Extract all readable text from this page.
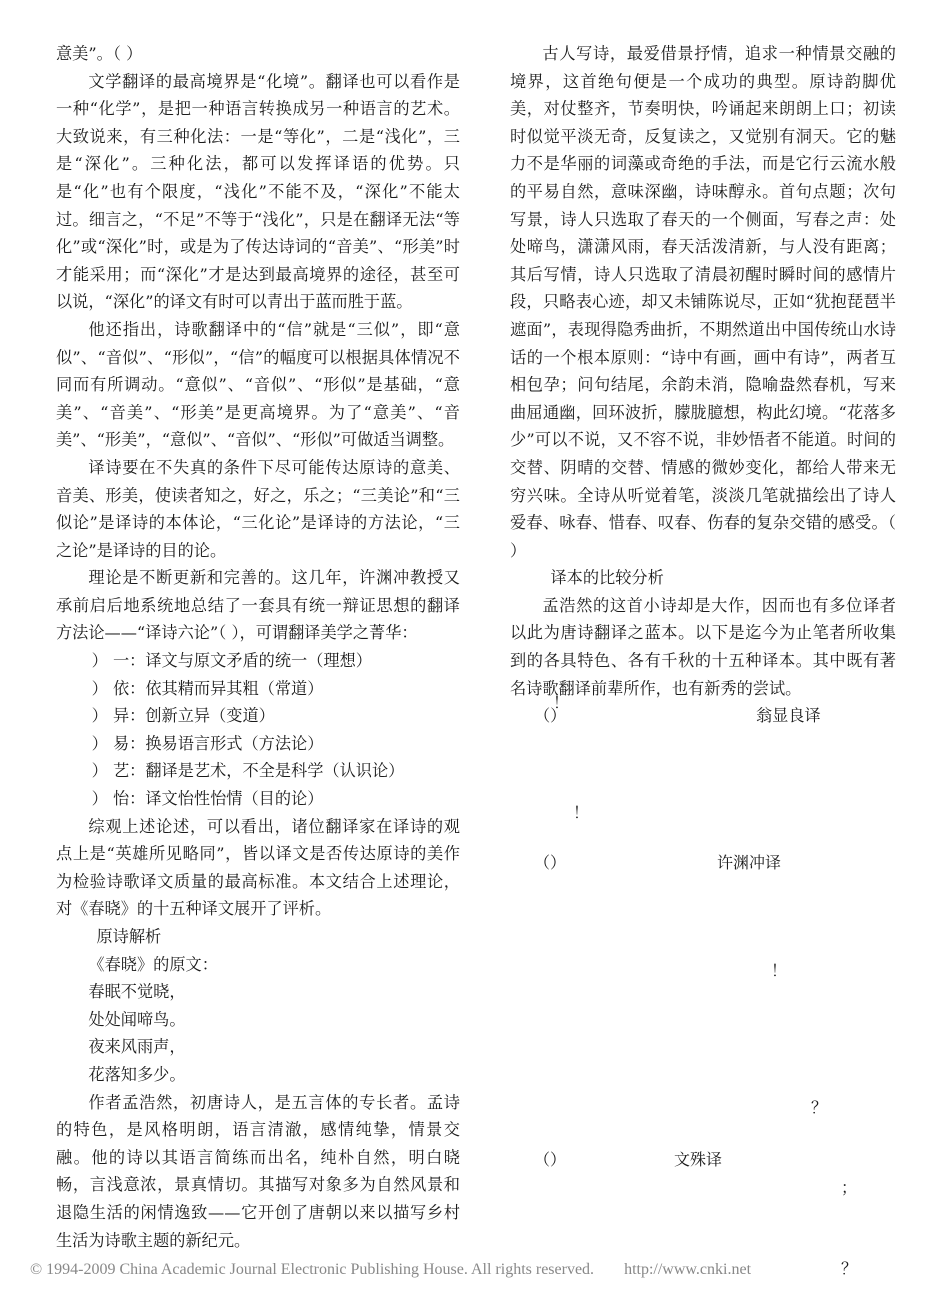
意美”。（ ）

文学翻译的最高境界是“化境”。翻译也可以看作是一种“化学”，是把一种语言转换成另一种语言的艺术。大致说来，有三种化法：一是“等化”，二是“浅化”，三是“深化”。三种化法，都可以发挥译语的优势。只是“化”也有个限度，“浅化”不能不及，“深化”不能太过。细言之，“不足”不等于“浅化”，只是在翻译无法“等化”或“深化”时，或是为了传达诗词的“音美”、“形美”时才能采用；而“深化”才是达到最高境界的途径，甚至可以说，“深化”的译文有时可以青出于蓝而胜于蓝。

他还指出，诗歌翻译中的“信”就是“三似”，即“意似”、“音似”、“形似”，“信”的幅度可以根据具体情况不同而有所调动。“意似”、“音似”、“形似”是基础，“意美”、“音美”、“形美”是更高境界。为了“意美”、“音美”、“形美”，“意似”、“音似”、“形似”可做适当调整。

译诗要在不失真的条件下尽可能传达原诗的意美、音美、形美，使读者知之，好之，乐之；“三美论”和“三似论”是译诗的本体论，“三化论”是译诗的方法论，“三之论”是译诗的目的论。

理论是不断更新和完善的。这几年，许渊冲教授又承前启后地系统地总结了一套具有统一辩证思想的翻译方法论——“译诗六论”（ ），可谓翻译美学之菁华：

） 一：译文与原文矛盾的统一（理想）

） 依：依其精而异其粗（常道）

） 异：创新立异（变道）

） 易：换易语言形式（方法论）

） 艺：翻译是艺术，不全是科学（认识论）

） 怡：译文怡性怡情（目的论）

综观上述论述，可以看出，诸位翻译家在译诗的观点上是“英雄所见略同”，皆以译文是否传达原诗的美作为检验诗歌译文质量的最高标准。本文结合上述理论，对《春晓》的十五种译文展开了评析。

原诗解析

《春晓》的原文：

春眠不觉晓，

处处闻啼鸟。

夜来风雨声，

花落知多少。

作者孟浩然，初唐诗人，是五言体的专长者。孟诗的特色，是风格明朗，语言清澈，感情纯挚，情景交融。他的诗以其语言简练而出名，纯朴自然，明白晓畅，言浅意浓，景真情切。其描写对象多为自然风景和退隐生活的闲情逸致——它开创了唐朝以来以描写乡村生活为诗歌主题的新纪元。

古人写诗，最爱借景抒情，追求一种情景交融的境界，这首绝句便是一个成功的典型。原诗韵脚优美，对仗整齐，节奏明快，吟诵起来朗朗上口；初读时似觉平淡无奇，反复读之，又觉别有洞天。它的魅力不是华丽的词藻或奇绝的手法，而是它行云流水般的平易自然，意味深幽，诗味醇永。首句点题；次句写景，诗人只选取了春天的一个侧面，写春之声：处处啼鸟，潇潇风雨，春天活泼清新，与人没有距离；其后写情，诗人只选取了清晨初醒时瞬时间的感情片段，只略表心迹，却又未铺陈说尽，正如“犹抱琵琶半遮面”，表现得隐秀曲折，不期然道出中国传统山水诗话的一个根本原则：“诗中有画，画中有诗”，两者互相包孕；问句结尾，余韵未消，隐喻盎然春机，写来曲屈通幽，回环波折，朦胧臆想，构此幻境。“花落多少”可以不说，又不容不说，非妙悟者不能道。时间的交替、阴晴的交替、情感的微妙变化，都给人带来无穷兴味。全诗从听觉着笔，淡淡几笔就描绘出了诗人爱春、咏春、惜春、叹春、伤春的复杂交错的感受。（ ）

译本的比较分析

孟浩然的这首小诗却是大作，因而也有多位译者以此为唐诗翻译之蓝本。以下是迄今为止笔者所收集到的各具特色、各有千秋的十五种译本。其中既有著名诗歌翻译前辈所作，也有新秀的尝试。

（）	翁显良译
！
！
（）	许渊冲译
！
？
（）	文殊译
；
？
© 1994-2009 China Academic Journal Electronic Publishing House. All rights reserved. http://www.cnki.net
